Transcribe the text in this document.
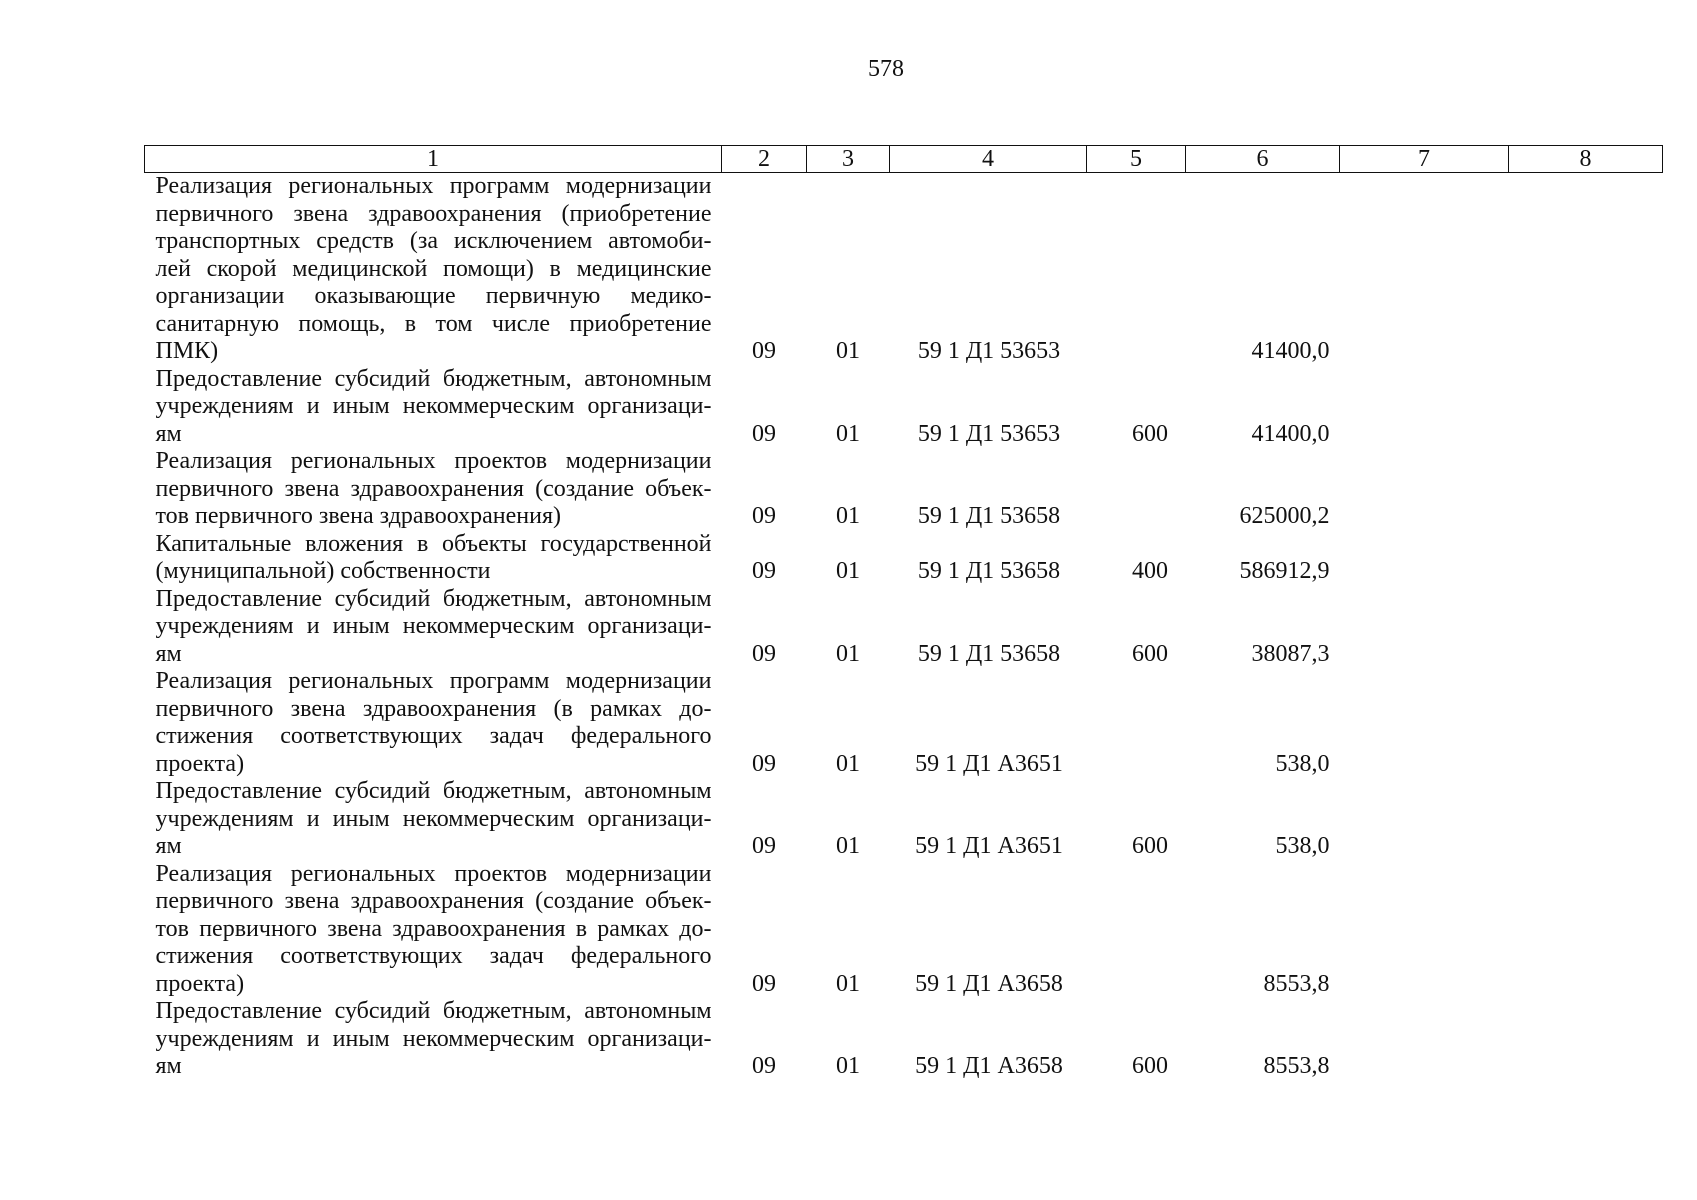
578
1	2	3	4	5	6	7	8
Реализация региональных программ модернизации первичного звена здравоохранения (приобретение транспортных средств (за исключением автомоби- лей скорой медицинской помощи) в медицинские организации оказывающие первичную медико- санитарную помощь, в том числе приобретение ПМК)	09	01	59 1 Д1 53653		41400,0		
Предоставление субсидий бюджетным, автономным учреждениям и иным некоммерческим организаци- ям	09	01	59 1 Д1 53653	600	41400,0		
Реализация региональных проектов модернизации первичного звена здравоохранения (создание объек- тов первичного звена здравоохранения)	09	01	59 1 Д1 53658		625000,2		
Капитальные вложения в объекты государственной (муниципальной) собственности	09	01	59 1 Д1 53658	400	586912,9		
Предоставление субсидий бюджетным, автономным учреждениям и иным некоммерческим организаци- ям	09	01	59 1 Д1 53658	600	38087,3		
Реализация региональных программ модернизации первичного звена здравоохранения (в рамках до- стижения соответствующих задач федерального проекта)	09	01	59 1 Д1 А3651		538,0		
Предоставление субсидий бюджетным, автономным учреждениям и иным некоммерческим организаци- ям	09	01	59 1 Д1 А3651	600	538,0		
Реализация региональных проектов модернизации первичного звена здравоохранения (создание объек- тов первичного звена здравоохранения в рамках до- стижения соответствующих задач федерального проекта)	09	01	59 1 Д1 А3658		8553,8		
Предоставление субсидий бюджетным, автономным учреждениям и иным некоммерческим организаци- ям	09	01	59 1 Д1 А3658	600	8553,8		
